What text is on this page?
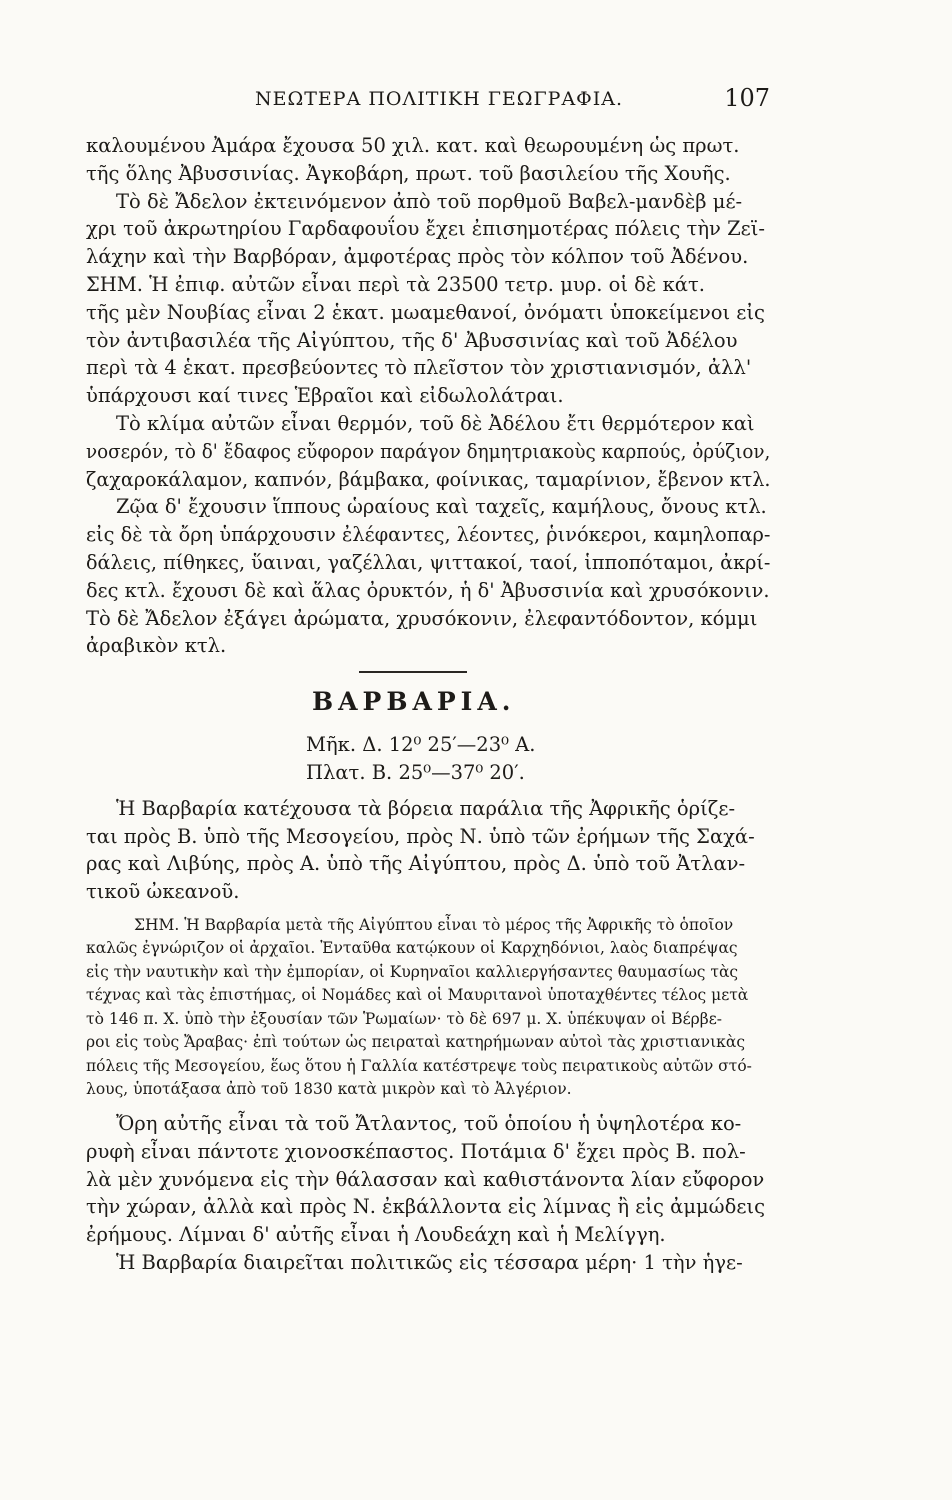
ΝΕΩΤΕΡΑ ΠΟΛΙΤΙΚΗ ΓΕΩΓΡΑΦΙΑ.	107
καλουμένου Ἀμάρα ἔχουσα 50 χιλ. κατ. καὶ θεωρουμένη ὡς πρωτ.
τῆς ὅλης Ἀβυσσινίας. Ἀγκοβάρη, πρωτ. τοῦ βασιλείου τῆς Χουῆς.
Τὸ δὲ Ἄδελον ἐκτεινόμενον ἀπὸ τοῦ πορθμοῦ Βαβελ-μανδὲβ μέ-
χρι τοῦ ἀκρωτηρίου Γαρδαφουΐου ἔχει ἐπισημοτέρας πόλεις τὴν Ζεϊ-
λάχην καὶ τὴν Βαρβόραν, ἀμφοτέρας πρὸς τὸν κόλπον τοῦ Ἀδένου.
ΣΗΜ. Ἡ ἐπιφ. αὐτῶν εἶναι περὶ τὰ 23500 τετρ. μυρ. οἱ δὲ κάτ.
τῆς μὲν Νουβίας εἶναι 2 ἑκατ. μωαμεθανοί, ὀνόματι ὑποκείμενοι εἰς
τὸν ἀντιβασιλέα τῆς Αἰγύπτου, τῆς δ' Ἀβυσσινίας καὶ τοῦ Ἀδέλου
περὶ τὰ 4 ἑκατ. πρεσβεύοντες τὸ πλεῖστον τὸν χριστιανισμόν, ἀλλ'
ὑπάρχουσι καί τινες Ἑβραῖοι καὶ εἰδωλολάτραι.
Τὸ κλίμα αὐτῶν εἶναι θερμόν, τοῦ δὲ Ἀδέλου ἔτι θερμότερον καὶ
νοσερόν, τὸ δ' ἔδαφος εὔφορον παράγον δημητριακοὺς καρπούς, ὀρύζιον,
ζαχαροκάλαμον, καπνόν, βάμβακα, φοίνικας, ταμαρίνιον, ἔβενον κτλ.
Ζῷα δ' ἔχουσιν ἵππους ὡραίους καὶ ταχεῖς, καμήλους, ὄνους κτλ.
εἰς δὲ τὰ ὄρη ὑπάρχουσιν ἐλέφαντες, λέοντες, ῥινόκεροι, καμηλοπαρ-
δάλεις, πίθηκες, ὕαιναι, γαζέλλαι, ψιττακοί, ταοί, ἱπποπόταμοι, ἀκρί-
δες κτλ. ἔχουσι δὲ καὶ ἅλας ὀρυκτόν, ἡ δ' Ἀβυσσινία καὶ χρυσόκονιν.
Τὸ δὲ Ἄδελον ἐξάγει ἀρώματα, χρυσόκονιν, ἐλεφαντόδοντον, κόμμι
ἀραβικὸν κτλ.
ΒΑΡΒΑΡΙΑ.
Μῆκ. Δ. 12⁰ 25′—23⁰ Α.
Πλατ. Β. 25⁰—37⁰ 20′.
Ἡ Βαρβαρία κατέχουσα τὰ βόρεια παράλια τῆς Ἀφρικῆς ὁρίζε-
ται πρὸς Β. ὑπὸ τῆς Μεσογείου, πρὸς Ν. ὑπὸ τῶν ἐρήμων τῆς Σαχά-
ρας καὶ Λιβύης, πρὸς Α. ὑπὸ τῆς Αἰγύπτου, πρὸς Δ. ὑπὸ τοῦ Ἀτλαν-
τικοῦ ὠκεανοῦ.
ΣΗΜ. Ἡ Βαρβαρία μετὰ τῆς Αἰγύπτου εἶναι τὸ μέρος τῆς Ἀφρικῆς τὸ ὁποῖον
καλῶς ἐγνώριζον οἱ ἀρχαῖοι. Ἐνταῦθα κατῴκουν οἱ Καρχηδόνιοι, λαὸς διαπρέψας
εἰς τὴν ναυτικὴν καὶ τὴν ἐμπορίαν, οἱ Κυρηναῖοι καλλιεργήσαντες θαυμασίως τὰς
τέχνας καὶ τὰς ἐπιστήμας, οἱ Νομάδες καὶ οἱ Μαυριτανοὶ ὑποταχθέντες τέλος μετὰ
τὸ 146 π. Χ. ὑπὸ τὴν ἐξουσίαν τῶν Ῥωμαίων· τὸ δὲ 697 μ. Χ. ὑπέκυψαν οἱ Βέρβε-
ροι εἰς τοὺς Ἄραβας· ἐπὶ τούτων ὡς πειραταὶ κατηρήμωναν αὐτοὶ τὰς χριστιανικὰς
πόλεις τῆς Μεσογείου, ἕως ὅτου ἡ Γαλλία κατέστρεψε τοὺς πειρατικοὺς αὐτῶν στό-
λους, ὑποτάξασα ἀπὸ τοῦ 1830 κατὰ μικρὸν καὶ τὸ Ἀλγέριον.
Ὄρη αὐτῆς εἶναι τὰ τοῦ Ἄτλαντος, τοῦ ὁποίου ἡ ὑψηλοτέρα κο-
ρυφὴ εἶναι πάντοτε χιονοσκέπαστος. Ποτάμια δ' ἔχει πρὸς Β. πολ-
λὰ μὲν χυνόμενα εἰς τὴν θάλασσαν καὶ καθιστάνοντα λίαν εὔφορον
τὴν χώραν, ἀλλὰ καὶ πρὸς Ν. ἐκβάλλοντα εἰς λίμνας ἢ εἰς ἀμμώδεις
ἐρήμους. Λίμναι δ' αὐτῆς εἶναι ἡ Λουδεάχη καὶ ἡ Μελίγγη.
Ἡ Βαρβαρία διαιρεῖται πολιτικῶς εἰς τέσσαρα μέρη· 1 τὴν ἡγε-
